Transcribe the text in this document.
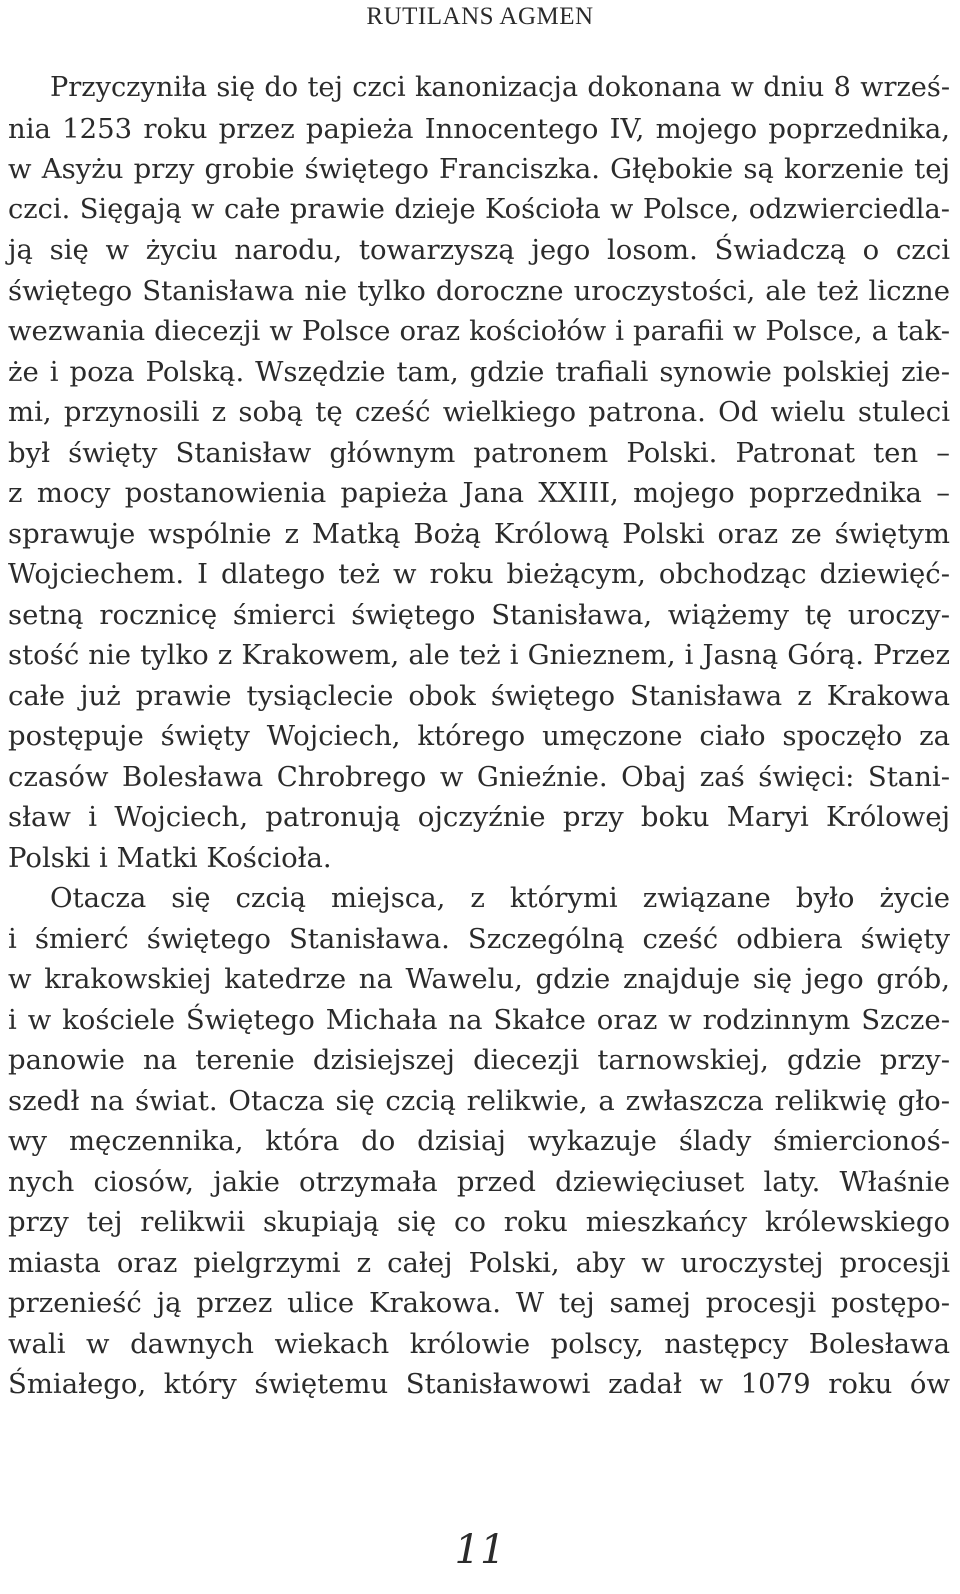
RUTILANS AGMEN
Przyczyniła się do tej czci kanonizacja dokonana w dniu 8 wrześ-
nia 1253 roku przez papieża Innocentego IV, mojego poprzednika,
w Asyżu przy grobie świętego Franciszka. Głębokie są korzenie tej
czci. Sięgają w całe prawie dzieje Kościoła w Polsce, odzwierciedla-
ją się w życiu narodu, towarzyszą jego losom. Świadczą o czci
świętego Stanisława nie tylko doroczne uroczystości, ale też liczne
wezwania diecezji w Polsce oraz kościołów i parafii w Polsce, a tak-
że i poza Polską. Wszędzie tam, gdzie trafiali synowie polskiej zie-
mi, przynosili z sobą tę cześć wielkiego patrona. Od wielu stuleci
był święty Stanisław głównym patronem Polski. Patronat ten –
z mocy postanowienia papieża Jana XXIII, mojego poprzednika –
sprawuje wspólnie z Matką Bożą Królową Polski oraz ze świętym
Wojciechem. I dlatego też w roku bieżącym, obchodząc dziewięć-
setną rocznicę śmierci świętego Stanisława, wiążemy tę uroczy-
stość nie tylko z Krakowem, ale też i Gnieznem, i Jasną Górą. Przez
całe już prawie tysiąclecie obok świętego Stanisława z Krakowa
postępuje święty Wojciech, którego umęczone ciało spoczęło za
czasów Bolesława Chrobrego w Gnieźnie. Obaj zaś święci: Stani-
sław i Wojciech, patronują ojczyźnie przy boku Maryi Królowej
Polski i Matki Kościoła.
Otacza się czcią miejsca, z którymi związane było życie
i śmierć świętego Stanisława. Szczególną cześć odbiera święty
w krakowskiej katedrze na Wawelu, gdzie znajduje się jego grób,
i w kościele Świętego Michała na Skałce oraz w rodzinnym Szcze-
panowie na terenie dzisiejszej diecezji tarnowskiej, gdzie przy-
szedł na świat. Otacza się czcią relikwie, a zwłaszcza relikwię gło-
wy męczennika, która do dzisiaj wykazuje ślady śmiercionoś-
nych ciosów, jakie otrzymała przed dziewięciuset laty. Właśnie
przy tej relikwii skupiają się co roku mieszkańcy królewskiego
miasta oraz pielgrzymi z całej Polski, aby w uroczystej procesji
przenieść ją przez ulice Krakowa. W tej samej procesji postępo-
wali w dawnych wiekach królowie polscy, następcy Bolesława
Śmiałego, który świętemu Stanisławowi zadał w 1079 roku ów
11
